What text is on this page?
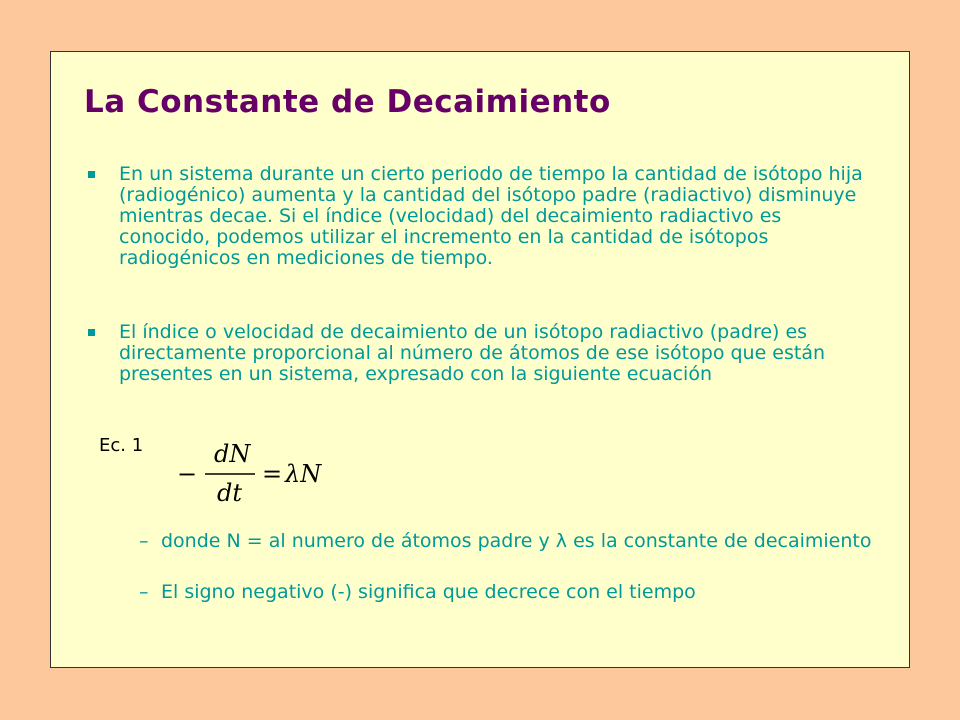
La Constante de Decaimiento
En un sistema durante un cierto periodo de tiempo la cantidad de isótopo hija (radiogénico) aumenta y la cantidad del isótopo padre (radiactivo) disminuye mientras decae. Si el índice (velocidad) del decaimiento radiactivo es conocido, podemos utilizar el incremento en la cantidad de isótopos radiogénicos en mediciones de tiempo.
El índice o velocidad de decaimiento de un isótopo radiactivo (padre) es directamente proporcional al número de átomos de ese isótopo que están presentes en un sistema, expresado con la siguiente ecuación
Ec. 1
−
dN
dt
= λN
– donde N = al numero de átomos padre y λ es la constante de decaimiento
– El signo negativo (-) significa que decrece con el tiempo
